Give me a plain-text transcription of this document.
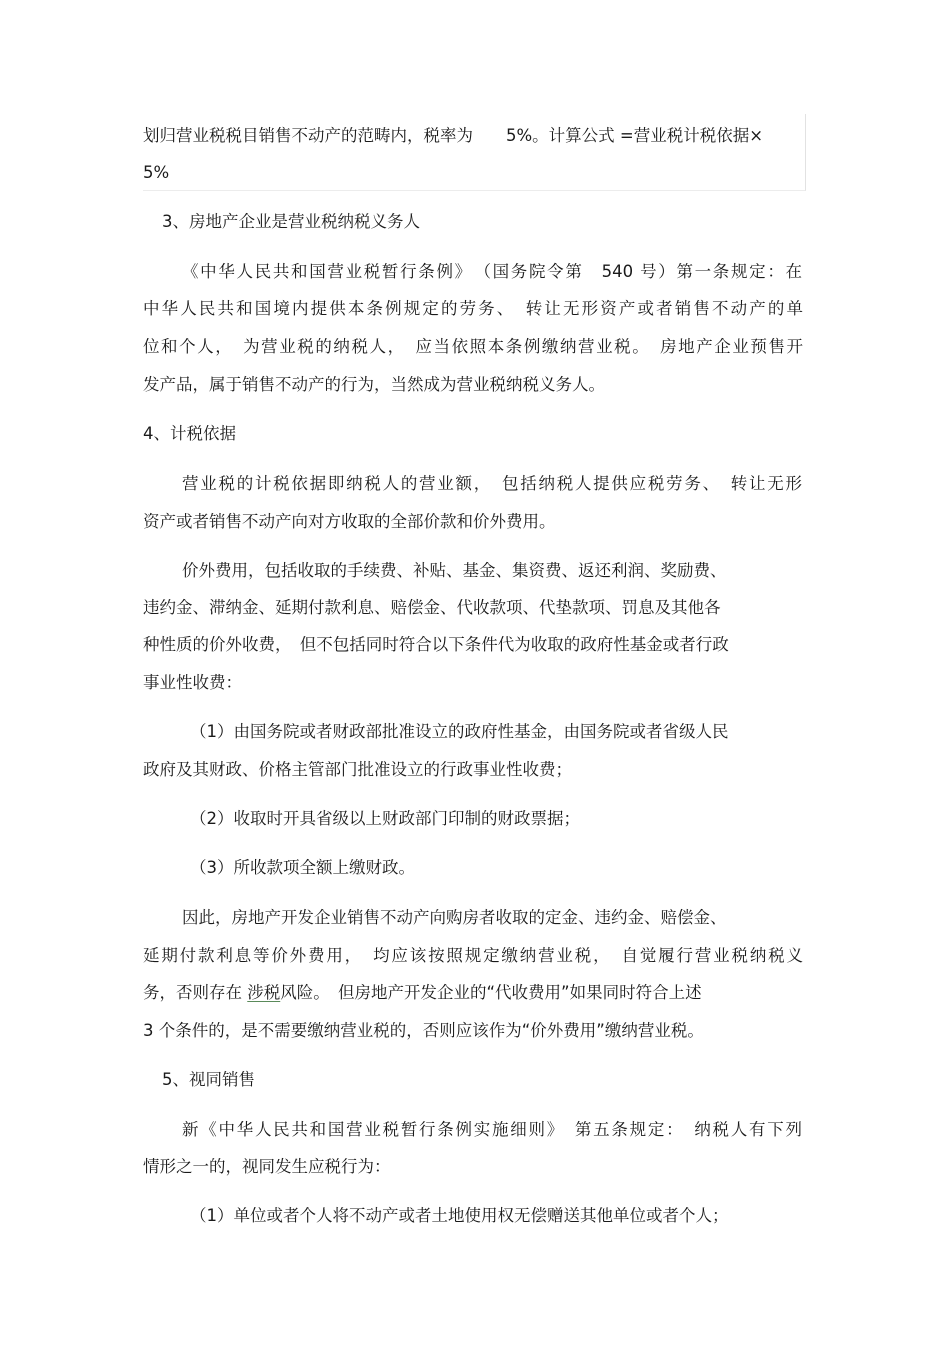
划归营业税税目销售不动产的范畴内，税率为　　5%。计算公式 =营业税计税依据×
5%
3、房地产企业是营业税纳税义务人
《中华人民共和国营业税暂行条例》　（国务院令第　540 号）第一条规定：在
中华人民共和国境内提供本条例规定的劳务、　转让无形资产或者销售不动产的单
位和个人，　为营业税的纳税人，　应当依照本条例缴纳营业税。　房地产企业预售开
发产品，属于销售不动产的行为，当然成为营业税纳税义务人。
4、计税依据
营业税的计税依据即纳税人的营业额，　包括纳税人提供应税劳务、　转让无形
资产或者销售不动产向对方收取的全部价款和价外费用。
价外费用，包括收取的手续费、补贴、基金、集资费、返还利润、奖励费、
违约金、滞纳金、延期付款利息、赔偿金、代收款项、代垫款项、罚息及其他各
种性质的价外收费，　但不包括同时符合以下条件代为收取的政府性基金或者行政
事业性收费：
（1）由国务院或者财政部批准设立的政府性基金，由国务院或者省级人民
政府及其财政、价格主管部门批准设立的行政事业性收费；
（2）收取时开具省级以上财政部门印制的财政票据；
（3）所收款项全额上缴财政。
因此，房地产开发企业销售不动产向购房者收取的定金、违约金、赔偿金、
延期付款利息等价外费用，　均应该按照规定缴纳营业税，　自觉履行营业税纳税义
务，否则存在 涉税风险。　但房地产开发企业的“代收费用”如果同时符合上述
3 个条件的，是不需要缴纳营业税的，否则应该作为“价外费用”缴纳营业税。
5、视同销售
新《中华人民共和国营业税暂行条例实施细则》　第五条规定：　纳税人有下列
情形之一的，视同发生应税行为：
（1）单位或者个人将不动产或者土地使用权无偿赠送其他单位或者个人；
